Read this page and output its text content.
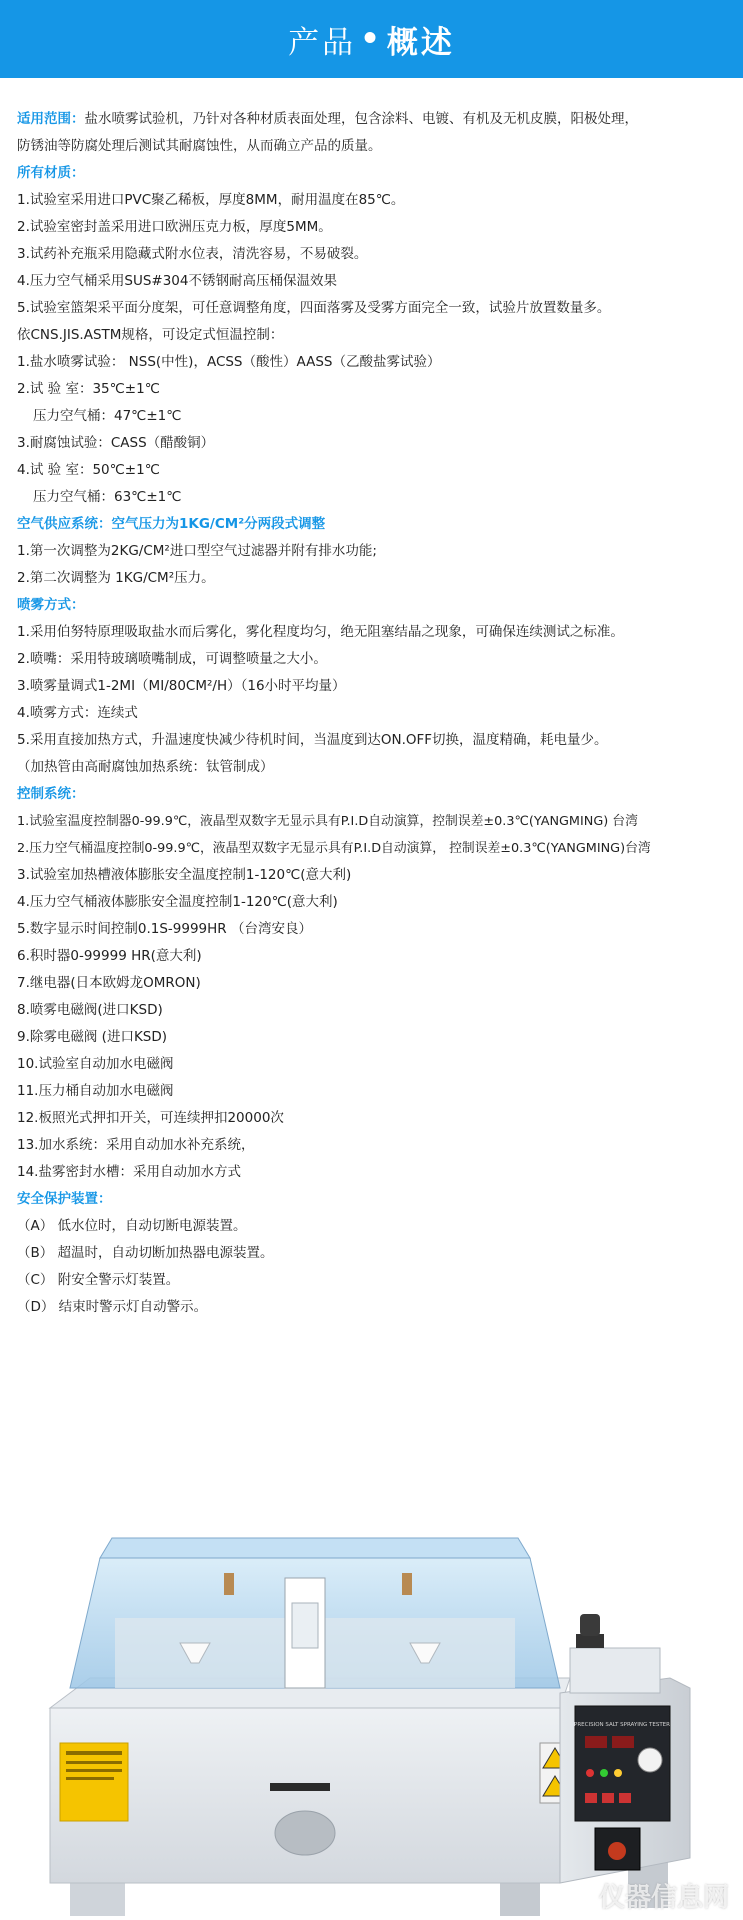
产品 • 概述
适用范围：盐水喷雾试验机，乃针对各种材质表面处理，包含涂料、电镀、有机及无机皮膜，阳极处理，
防锈油等防腐处理后测试其耐腐蚀性，从而确立产品的质量。
所有材质：
1.试验室采用进口PVC聚乙稀板，厚度8MM，耐用温度在85℃。
2.试验室密封盖采用进口欧洲压克力板，厚度5MM。
3.试药补充瓶采用隐藏式附水位表，清洗容易，不易破裂。
4.压力空气桶采用SUS#304不锈钢耐高压桶保温效果
5.试验室篮架采平面分度架，可任意调整角度，四面落雾及受雾方面完全一致，试验片放置数量多。
依CNS.JIS.ASTM规格，可设定式恒温控制：
1.盐水喷雾试验： NSS(中性)，ACSS（酸性）AASS（乙酸盐雾试验）
2.试 验 室：35℃±1℃
压力空气桶：47℃±1℃
3.耐腐蚀试验：CASS（醋酸铜）
4.试 验 室：50℃±1℃
压力空气桶：63℃±1℃
空气供应系统：空气压力为1KG/CM²分两段式调整
1.第一次调整为2KG/CM²进口型空气过滤器并附有排水功能;
2.第二次调整为 1KG/CM²压力。
喷雾方式：
1.采用伯努特原理吸取盐水而后雾化，雾化程度均匀，绝无阻塞结晶之现象，可确保连续测试之标准。
2.喷嘴：采用特玻璃喷嘴制成，可调整喷量之大小。
3.喷雾量调式1-2MI（MI/80CM²/H）（16小时平均量）
4.喷雾方式：连续式
5.采用直接加热方式，升温速度快减少待机时间，当温度到达ON.OFF切换，温度精确，耗电量少。
（加热管由高耐腐蚀加热系统：钛管制成）
控制系统：
1.试验室温度控制器0-99.9℃，液晶型双数字无显示具有P.I.D自动演算，控制误差±0.3℃(YANGMING) 台湾
2.压力空气桶温度控制0-99.9℃，液晶型双数字无显示具有P.I.D自动演算， 控制误差±0.3℃(YANGMING)台湾
3.试验室加热槽液体膨胀安全温度控制1-120℃(意大利)
4.压力空气桶液体膨胀安全温度控制1-120℃(意大利)
5.数字显示时间控制0.1S-9999HR （台湾安良）
6.积时器0-99999 HR(意大利)
7.继电器(日本欧姆龙OMRON)
8.喷雾电磁阀(进口KSD)
9.除雾电磁阀 (进口KSD)
10.试验室自动加水电磁阀
11.压力桶自动加水电磁阀
12.板照光式押扣开关，可连续押扣20000次
13.加水系统：采用自动加水补充系统，
14.盐雾密封水槽：采用自动加水方式
安全保护装置：
（A） 低水位时，自动切断电源装置。
（B） 超温时，自动切断加热器电源装置。
（C） 附安全警示灯装置。
（D） 结束时警示灯自动警示。
PRECISION SALT SPRAYING TESTER
仪器信息网
